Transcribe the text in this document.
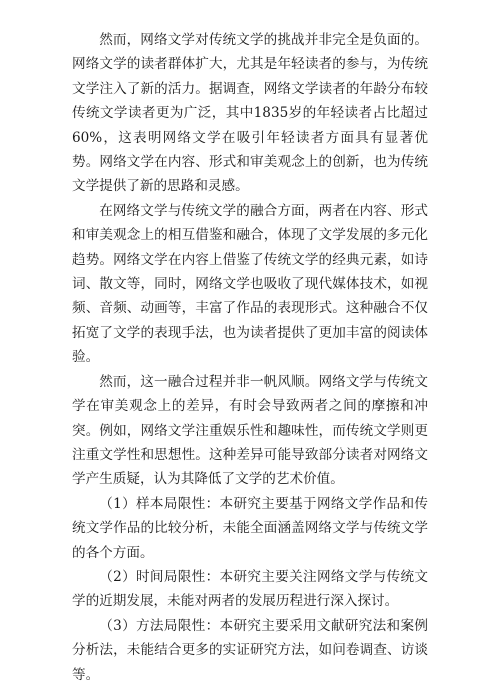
然而，网络文学对传统文学的挑战并非完全是负面的。网络文学的读者群体扩大，尤其是年轻读者的参与，为传统文学注入了新的活力。据调查，网络文学读者的年龄分布较传统文学读者更为广泛，其中1835岁的年轻读者占比超过60%，这表明网络文学在吸引年轻读者方面具有显著优势。网络文学在内容、形式和审美观念上的创新，也为传统文学提供了新的思路和灵感。

在网络文学与传统文学的融合方面，两者在内容、形式和审美观念上的相互借鉴和融合，体现了文学发展的多元化趋势。网络文学在内容上借鉴了传统文学的经典元素，如诗词、散文等，同时，网络文学也吸收了现代媒体技术，如视频、音频、动画等，丰富了作品的表现形式。这种融合不仅拓宽了文学的表现手法，也为读者提供了更加丰富的阅读体验。

然而，这一融合过程并非一帆风顺。网络文学与传统文学在审美观念上的差异，有时会导致两者之间的摩擦和冲突。例如，网络文学注重娱乐性和趣味性，而传统文学则更注重文学性和思想性。这种差异可能导致部分读者对网络文学产生质疑，认为其降低了文学的艺术价值。

（1）样本局限性：本研究主要基于网络文学作品和传统文学作品的比较分析，未能全面涵盖网络文学与传统文学的各个方面。

（2）时间局限性：本研究主要关注网络文学与传统文学的近期发展，未能对两者的发展历程进行深入探讨。

（3）方法局限性：本研究主要采用文献研究法和案例分析法，未能结合更多的实证研究方法，如问卷调查、访谈等。
